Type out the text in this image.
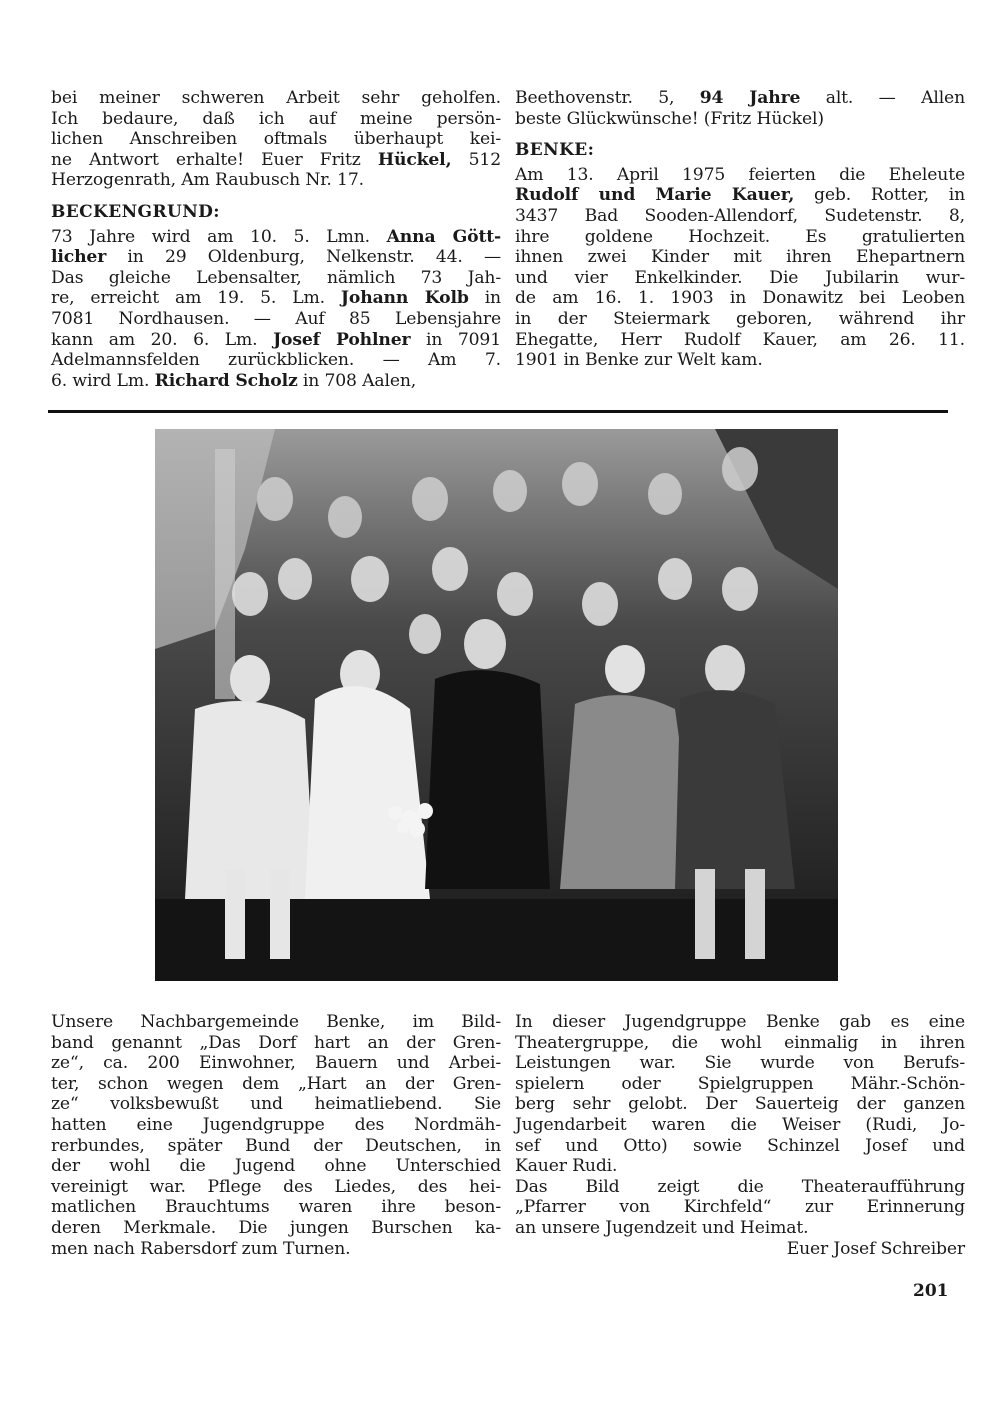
bei meiner schweren Arbeit sehr geholfen.
Ich bedaure, daß ich auf meine persön-
lichen Anschreiben oftmals überhaupt kei-
ne Antwort erhalte! Euer Fritz Hückel, 512
Herzogenrath, Am Raubusch Nr. 17.
BECKENGRUND:
73 Jahre wird am 10. 5. Lmn. Anna Gött-
licher in 29 Oldenburg, Nelkenstr. 44. —
Das gleiche Lebensalter, nämlich 73 Jah-
re, erreicht am 19. 5. Lm. Johann Kolb in
7081 Nordhausen. — Auf 85 Lebensjahre
kann am 20. 6. Lm. Josef Pohlner in 7091
Adelmannsfelden zurückblicken. — Am 7.
6. wird Lm. Richard Scholz in 708 Aalen,
Beethovenstr. 5, 94 Jahre alt. — Allen
beste Glückwünsche! (Fritz Hückel)
BENKE:
Am 13. April 1975 feierten die Eheleute
Rudolf und Marie Kauer, geb. Rotter, in
3437 Bad Sooden-Allendorf, Sudetenstr. 8,
ihre goldene Hochzeit. Es gratulierten
ihnen zwei Kinder mit ihren Ehepartnern
und vier Enkelkinder. Die Jubilarin wur-
de am 16. 1. 1903 in Donawitz bei Leoben
in der Steiermark geboren, während ihr
Ehegatte, Herr Rudolf Kauer, am 26. 11.
1901 in Benke zur Welt kam.
Unsere Nachbargemeinde Benke, im Bild-
band genannt „Das Dorf hart an der Gren-
ze“, ca. 200 Einwohner, Bauern und Arbei-
ter, schon wegen dem „Hart an der Gren-
ze“ volksbewußt und heimatliebend. Sie
hatten eine Jugendgruppe des Nordmäh-
rerbundes, später Bund der Deutschen, in
der wohl die Jugend ohne Unterschied
vereinigt war. Pflege des Liedes, des hei-
matlichen Brauchtums waren ihre beson-
deren Merkmale. Die jungen Burschen ka-
men nach Rabersdorf zum Turnen.
In dieser Jugendgruppe Benke gab es eine
Theatergruppe, die wohl einmalig in ihren
Leistungen war. Sie wurde von Berufs-
spielern oder Spielgruppen Mähr.-Schön-
berg sehr gelobt. Der Sauerteig der ganzen
Jugendarbeit waren die Weiser (Rudi, Jo-
sef und Otto) sowie Schinzel Josef und
Kauer Rudi.
Das Bild zeigt die Theateraufführung
„Pfarrer von Kirchfeld“ zur Erinnerung
an unsere Jugendzeit und Heimat.
Euer Josef Schreiber
201
